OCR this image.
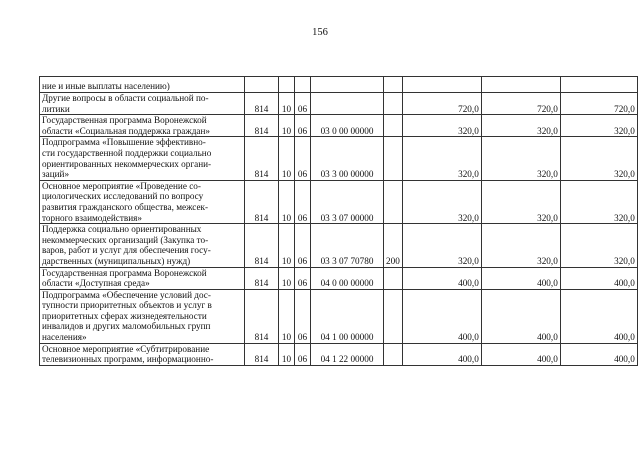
156
ние и иные выплаты населению)								
Другие вопросы в области социальной по-
литики	814	10	06			720,0	720,0	720,0
Государственная программа Воронежской
области «Социальная поддержка граждан»	814	10	06	03 0 00 00000		320,0	320,0	320,0
Подпрограмма «Повышение эффективно-
сти государственной поддержки социально
ориентированных некоммерческих органи-
заций»	814	10	06	03 3 00 00000		320,0	320,0	320,0
Основное мероприятие «Проведение со-
циологических исследований по вопросу
развития гражданского общества, межсек-
торного взаимодействия»	814	10	06	03 3 07 00000		320,0	320,0	320,0
Поддержка социально ориентированных
некоммерческих организаций (Закупка то-
варов, работ и услуг для обеспечения госу-
дарственных (муниципальных) нужд)	814	10	06	03 3 07 70780	200	320,0	320,0	320,0
Государственная программа Воронежской
области «Доступная среда»	814	10	06	04 0 00 00000		400,0	400,0	400,0
Подпрограмма «Обеспечение условий дос-
тупности приоритетных объектов и услуг в
приоритетных сферах жизнедеятельности
инвалидов и других маломобильных групп
населения»	814	10	06	04 1 00 00000		400,0	400,0	400,0
Основное мероприятие «Субтитрирование
телевизионных программ, информационно-	814	10	06	04 1 22 00000		400,0	400,0	400,0
